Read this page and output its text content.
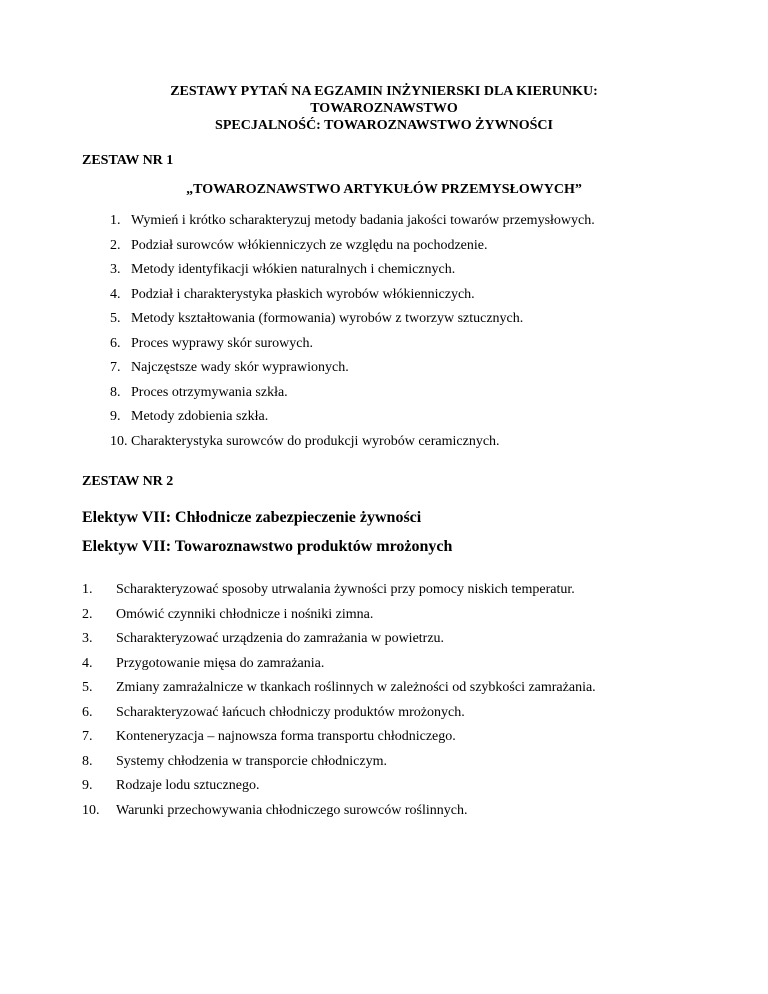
ZESTAWY PYTAŃ NA EGZAMIN INŻYNIERSKI DLA KIERUNKU:
TOWAROZNAWSTWO
SPECJALNOŚĆ: TOWAROZNAWSTWO ŻYWNOŚCI
ZESTAW NR 1
„TOWAROZNAWSTWO ARTYKUŁÓW PRZEMYSŁOWYCH”
1. Wymień i krótko scharakteryzuj metody badania jakości towarów przemysłowych.
2. Podział surowców włókienniczych ze względu na pochodzenie.
3. Metody identyfikacji włókien naturalnych i chemicznych.
4. Podział i charakterystyka płaskich wyrobów włókienniczych.
5. Metody kształtowania (formowania) wyrobów z tworzyw sztucznych.
6. Proces wyprawy skór surowych.
7. Najczęstsze wady skór wyprawionych.
8. Proces otrzymywania szkła.
9. Metody zdobienia szkła.
10. Charakterystyka surowców do produkcji wyrobów ceramicznych.
ZESTAW NR 2
Elektyw VII: Chłodnicze zabezpieczenie żywności
Elektyw VII: Towaroznawstwo produktów mrożonych
1. Scharakteryzować sposoby utrwalania żywności przy pomocy niskich temperatur.
2. Omówić czynniki chłodnicze i nośniki zimna.
3. Scharakteryzować urządzenia do zamrażania w powietrzu.
4. Przygotowanie mięsa do zamrażania.
5. Zmiany zamrażalnicze w tkankach roślinnych w zależności od szybkości zamrażania.
6. Scharakteryzować łańcuch chłodniczy produktów mrożonych.
7. Konteneryzacja – najnowsza forma transportu chłodniczego.
8. Systemy chłodzenia w transporcie chłodniczym.
9. Rodzaje lodu sztucznego.
10. Warunki przechowywania chłodniczego surowców roślinnych.
